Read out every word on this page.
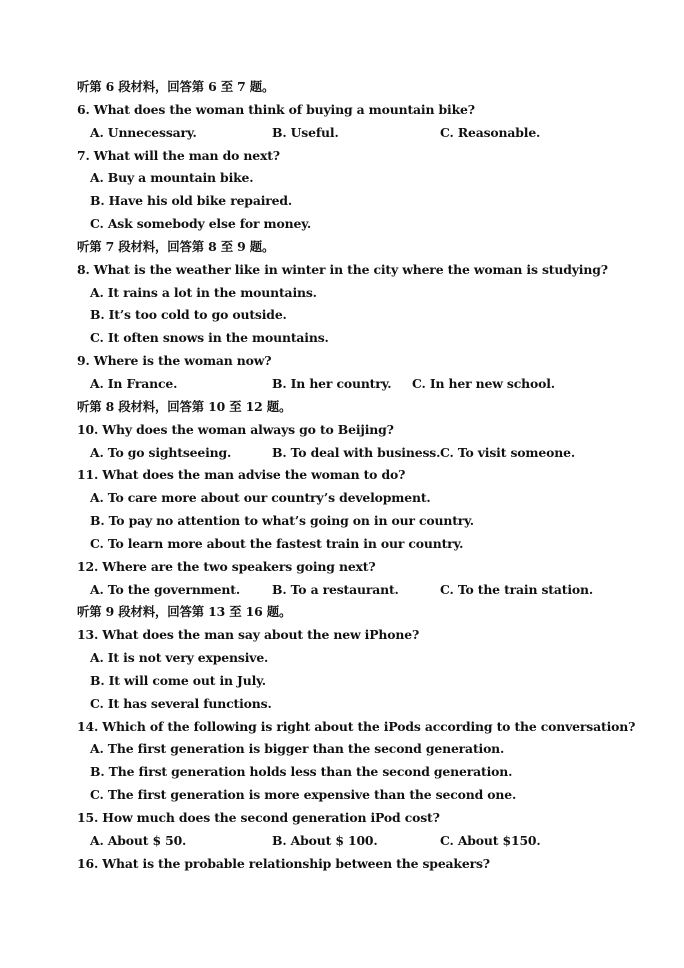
听第 6 段材料，回答第 6 至 7 题。
6. What does the woman think of buying a mountain bike?
A. Unnecessary.	B. Useful.	C. Reasonable.
7. What will the man do next?
A. Buy a mountain bike.
B. Have his old bike repaired.
C. Ask somebody else for money.
听第 7 段材料，回答第 8 至 9 题。
8. What is the weather like in winter in the city where the woman is studying?
A. It rains a lot in the mountains.
B. It’s too cold to go outside.
C. It often snows in the mountains.
9. Where is the woman now?
A. In France.	B. In her country. C. In her new school.
听第 8 段材料，回答第 10 至 12 题。
10. Why does the woman always go to Beijing?
A. To go sightseeing.	B. To deal with business. C. To visit someone.
11. What does the man advise the woman to do?
A. To care more about our country’s development.
B. To pay no attention to what’s going on in our country.
C. To learn more about the fastest train in our country.
12. Where are the two speakers going next?
A. To the government.	B. To a restaurant.	C. To the train station.
听第 9 段材料，回答第 13 至 16 题。
13. What does the man say about the new iPhone?
A. It is not very expensive.
B. It will come out in July.
C. It has several functions.
14. Which of the following is right about the iPods according to the conversation?
A. The first generation is bigger than the second generation.
B. The first generation holds less than the second generation.
C. The first generation is more expensive than the second one.
15. How much does the second generation iPod cost?
A. About $ 50.	B. About $ 100.	C. About $150.
16. What is the probable relationship between the speakers?
